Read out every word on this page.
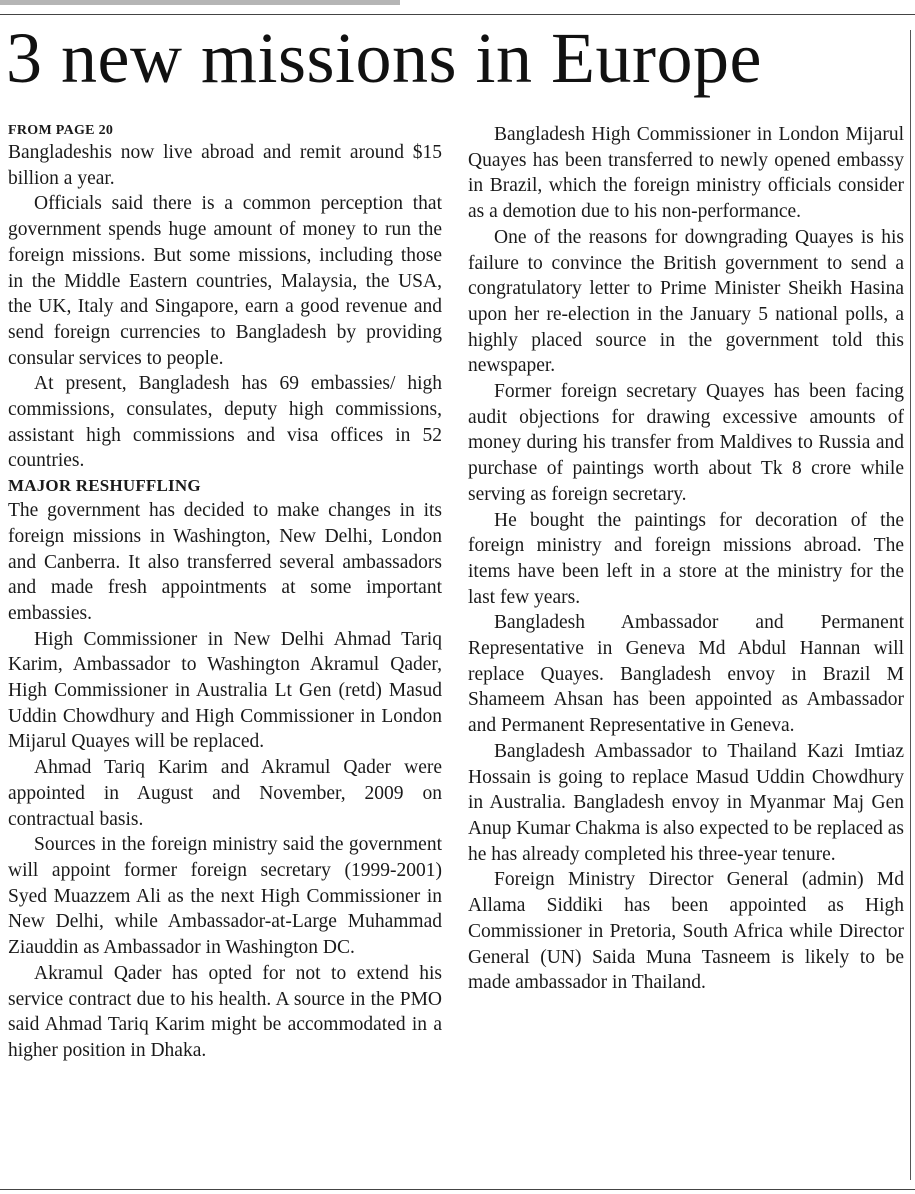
3 new missions in Europe
FROM PAGE 20

Bangladeshis now live abroad and remit around $15 billion a year.

Officials said there is a common perception that government spends huge amount of money to run the foreign missions. But some missions, including those in the Middle Eastern countries, Malaysia, the USA, the UK, Italy and Singapore, earn a good revenue and send foreign currencies to Bangladesh by providing consular services to people.

At present, Bangladesh has 69 embassies/ high commissions, consulates, deputy high commissions, assistant high commissions and visa offices in 52 countries.

MAJOR RESHUFFLING

The government has decided to make changes in its foreign missions in Washington, New Delhi, London and Canberra. It also transferred several ambassadors and made fresh appointments at some important embassies.

High Commissioner in New Delhi Ahmad Tariq Karim, Ambassador to Washington Akramul Qader, High Commissioner in Australia Lt Gen (retd) Masud Uddin Chowdhury and High Commissioner in London Mijarul Quayes will be replaced.

Ahmad Tariq Karim and Akramul Qader were appointed in August and November, 2009 on contractual basis.

Sources in the foreign ministry said the government will appoint former foreign secretary (1999-2001) Syed Muazzem Ali as the next High Commissioner in New Delhi, while Ambassador-at-Large Muhammad Ziauddin as Ambassador in Washington DC.

Akramul Qader has opted for not to extend his service contract due to his health. A source in the PMO said Ahmad Tariq Karim might be accommodated in a higher position in Dhaka.

Bangladesh High Commissioner in London Mijarul Quayes has been transferred to newly opened embassy in Brazil, which the foreign ministry officials consider as a demotion due to his non-performance.

One of the reasons for downgrading Quayes is his failure to convince the British government to send a congratulatory letter to Prime Minister Sheikh Hasina upon her re-election in the January 5 national polls, a highly placed source in the government told this newspaper.

Former foreign secretary Quayes has been facing audit objections for drawing excessive amounts of money during his transfer from Maldives to Russia and purchase of paintings worth about Tk 8 crore while serving as foreign secretary.

He bought the paintings for decoration of the foreign ministry and foreign missions abroad. The items have been left in a store at the ministry for the last few years.

Bangladesh Ambassador and Permanent Representative in Geneva Md Abdul Hannan will replace Quayes. Bangladesh envoy in Brazil M Shameem Ahsan has been appointed as Ambassador and Permanent Representative in Geneva.

Bangladesh Ambassador to Thailand Kazi Imtiaz Hossain is going to replace Masud Uddin Chowdhury in Australia. Bangladesh envoy in Myanmar Maj Gen Anup Kumar Chakma is also expected to be replaced as he has already completed his three-year tenure.

Foreign Ministry Director General (admin) Md Allama Siddiki has been appointed as High Commissioner in Pretoria, South Africa while Director General (UN) Saida Muna Tasneem is likely to be made ambassador in Thailand.
